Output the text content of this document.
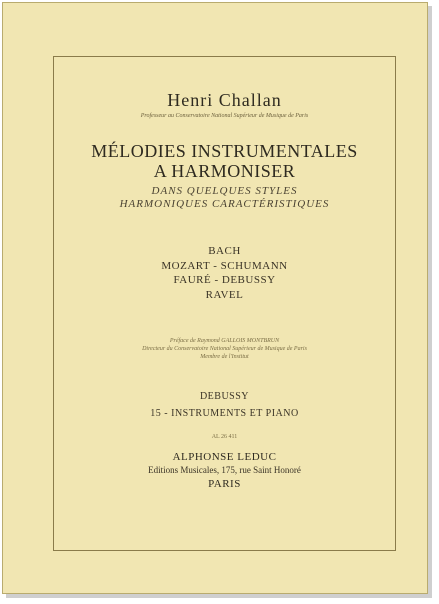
Henri Challan
Professeur au Conservatoire National Supérieur de Musique de Paris
MÉLODIES INSTRUMENTALES
A HARMONISER
DANS QUELQUES STYLES
HARMONIQUES CARACTÉRISTIQUES
BACH
MOZART - SCHUMANN
FAURÉ - DEBUSSY
RAVEL
Préface de Raymond GALLOIS MONTBRUN
Directeur du Conservatoire National Supérieur de Musique de Paris
Membre de l'Institut
DEBUSSY
15 - INSTRUMENTS ET PIANO
AL 26 411
ALPHONSE LEDUC
Editions Musicales, 175, rue Saint Honoré
PARIS
